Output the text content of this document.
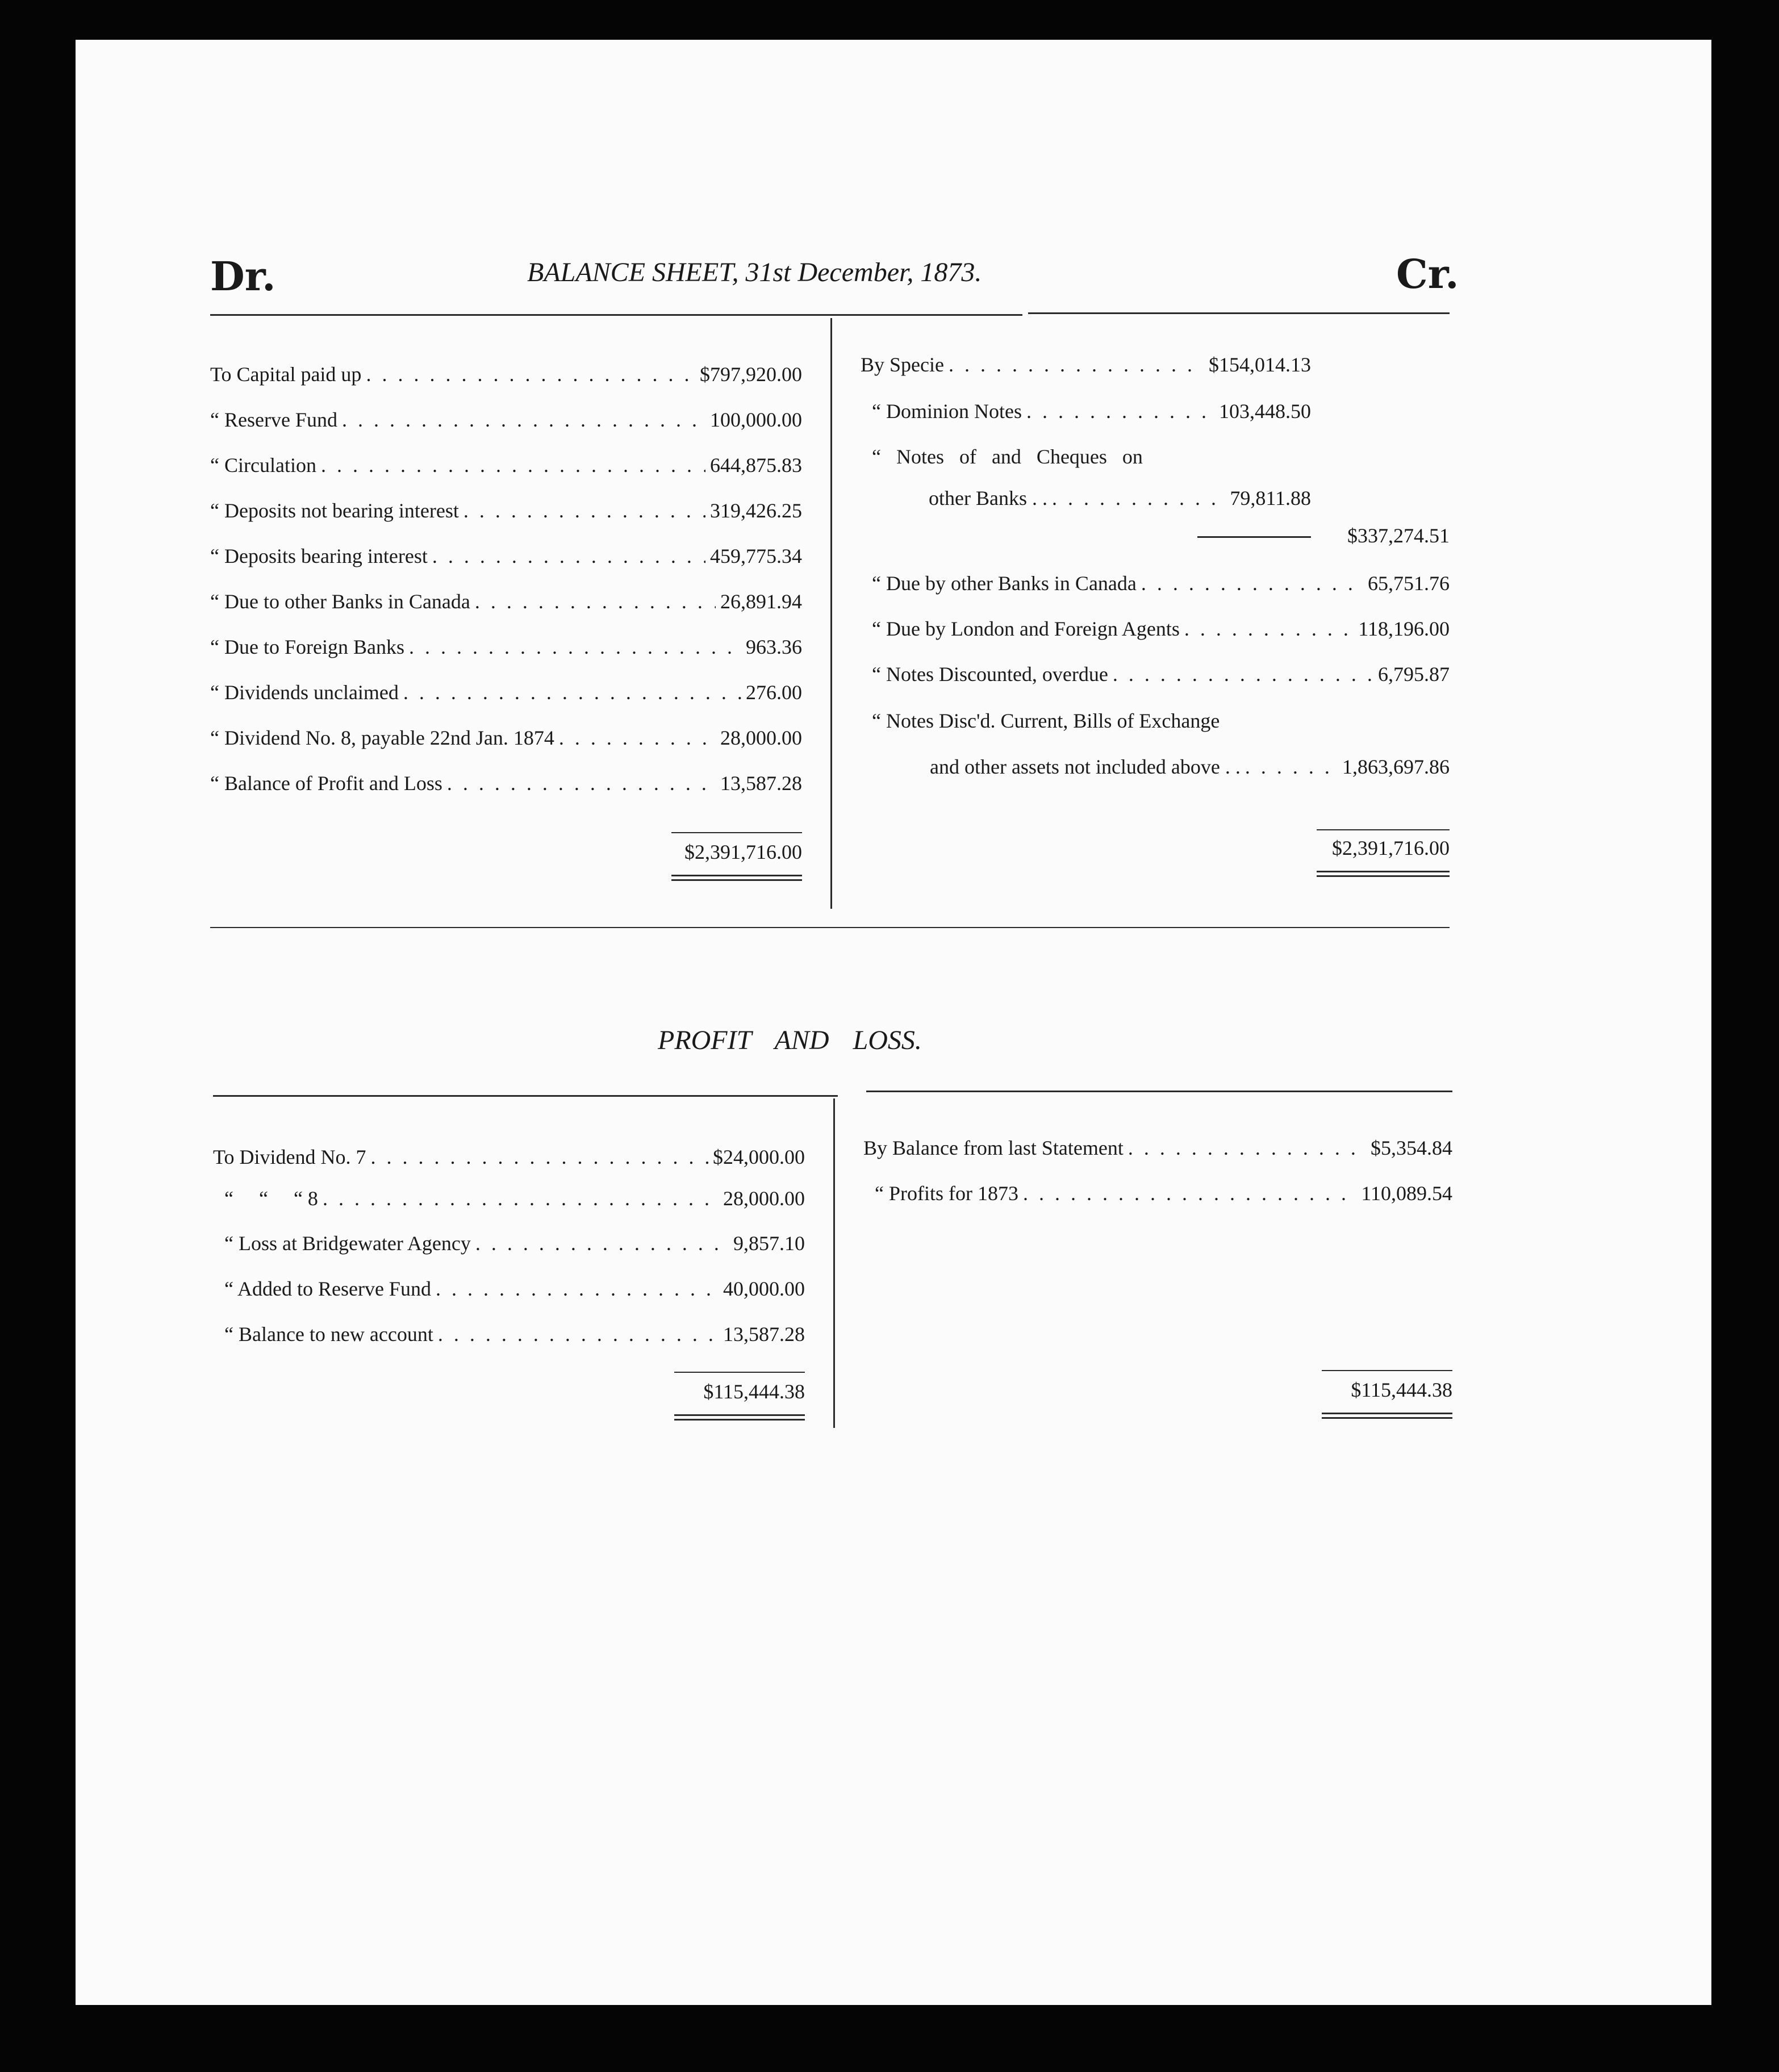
Dr.	BALANCE SHEET, 31st December, 1873.	Cr.
To Capital paid up . . .	$797,920.00
“ Reserve Fund . . .	100,000.00
“ Circulation . . .	644,875.83
“ Deposits not bearing interest . . .	319,426.25
“ Deposits bearing interest . . .	459,775.34
“ Due to other Banks in Canada . . .	26,891.94
“ Due to Foreign Banks . . .	963.36
“ Dividends unclaimed . . .	276.00
“ Dividend No. 8, payable 22nd Jan. 1874 . . .	28,000.00
“ Balance of Profit and Loss . . .	13,587.28
$2,391,716.00
By Specie . . .	$154,014.13
“ Dominion Notes . . .	103,448.50
“ Notes of and Cheques on
other Banks . . . . .	79,811.88
$337,274.51
“ Due by other Banks in Canada . . .	65,751.76
“ Due by London and Foreign Agents . . .	118,196.00
“ Notes Discounted, overdue . . .	6,795.87
“ Notes Disc'd. Current, Bills of Exchange
and other assets not included above . . . . .	1,863,697.86
$2,391,716.00
PROFIT AND LOSS.
To Dividend No. 7 . . .	$24,000.00
“     “     “ 8 . . .	28,000.00
“ Loss at Bridgewater Agency . . .	9,857.10
“ Added to Reserve Fund . . .	40,000.00
“ Balance to new account . . .	13,587.28
$115,444.38
By Balance from last Statement . . .	$5,354.84
“ Profits for 1873 . . .	110,089.54
$115,444.38
